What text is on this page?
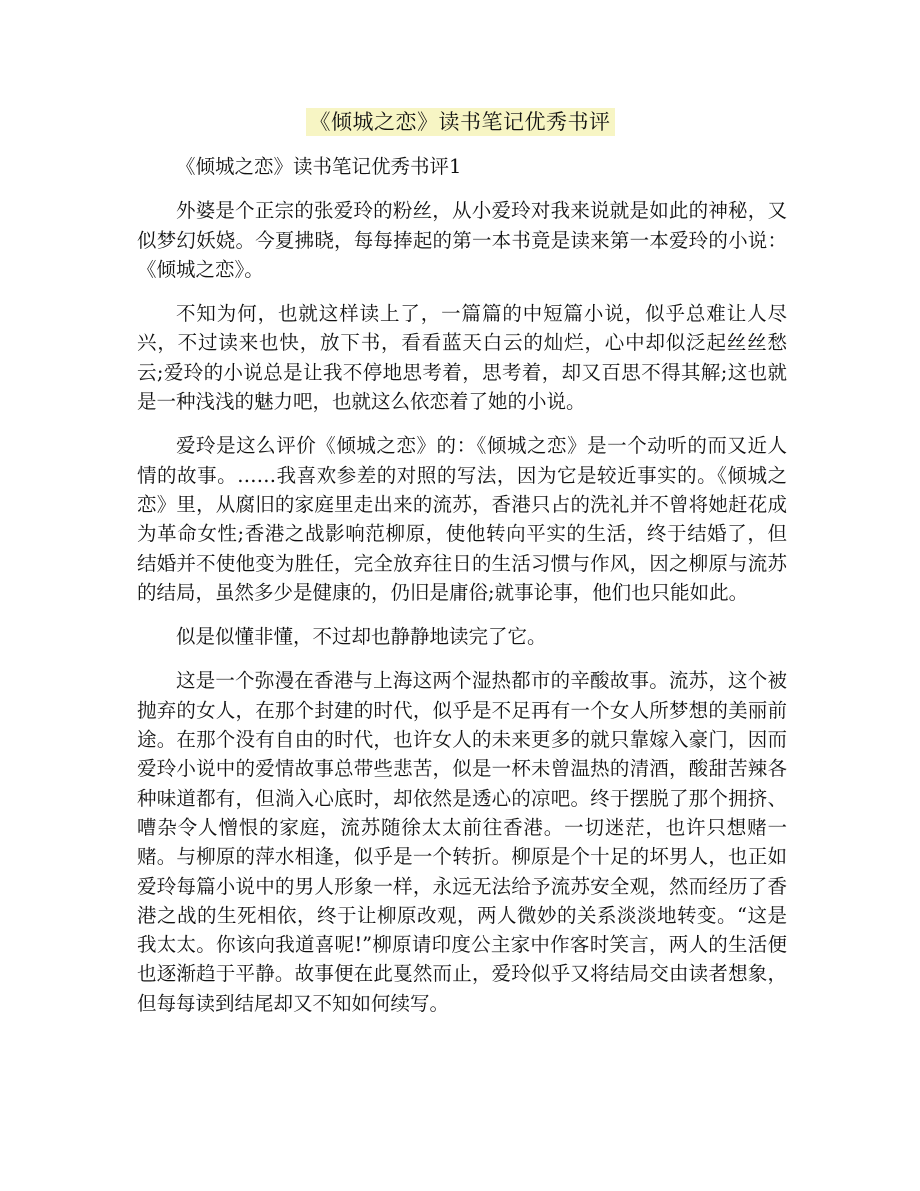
《倾城之恋》读书笔记优秀书评

《倾城之恋》读书笔记优秀书评1

外婆是个正宗的张爱玲的粉丝，从小爱玲对我来说就是如此的神秘，又似梦幻妖娆。今夏拂晓，每每捧起的第一本书竟是读来第一本爱玲的小说：《倾城之恋》。

不知为何，也就这样读上了，一篇篇的中短篇小说，似乎总难让人尽兴，不过读来也快，放下书，看看蓝天白云的灿烂，心中却似泛起丝丝愁云;爱玲的小说总是让我不停地思考着，思考着，却又百思不得其解;这也就是一种浅浅的魅力吧，也就这么依恋着了她的小说。

爱玲是这么评价《倾城之恋》的：《倾城之恋》是一个动听的而又近人情的故事。……我喜欢参差的对照的写法，因为它是较近事实的。《倾城之恋》里，从腐旧的家庭里走出来的流苏，香港只占的洗礼并不曾将她赶花成为革命女性;香港之战影响范柳原，使他转向平实的生活，终于结婚了，但结婚并不使他变为胜任，完全放弃往日的生活习惯与作风，因之柳原与流苏的结局，虽然多少是健康的，仍旧是庸俗;就事论事，他们也只能如此。

似是似懂非懂，不过却也静静地读完了它。

这是一个弥漫在香港与上海这两个湿热都市的辛酸故事。流苏，这个被抛弃的女人，在那个封建的时代，似乎是不足再有一个女人所梦想的美丽前途。在那个没有自由的时代，也许女人的未来更多的就只靠嫁入豪门，因而爱玲小说中的爱情故事总带些悲苦，似是一杯未曾温热的清酒，酸甜苦辣各种味道都有，但淌入心底时，却依然是透心的凉吧。终于摆脱了那个拥挤、嘈杂令人憎恨的家庭，流苏随徐太太前往香港。一切迷茫，也许只想赌一赌。与柳原的萍水相逢，似乎是一个转折。柳原是个十足的坏男人，也正如爱玲每篇小说中的男人形象一样，永远无法给予流苏安全观，然而经历了香港之战的生死相依，终于让柳原改观，两人微妙的关系淡淡地转变。“这是我太太。你该向我道喜呢!”柳原请印度公主家中作客时笑言，两人的生活便也逐渐趋于平静。故事便在此戛然而止，爱玲似乎又将结局交由读者想象，但每每读到结尾却又不知如何续写。
